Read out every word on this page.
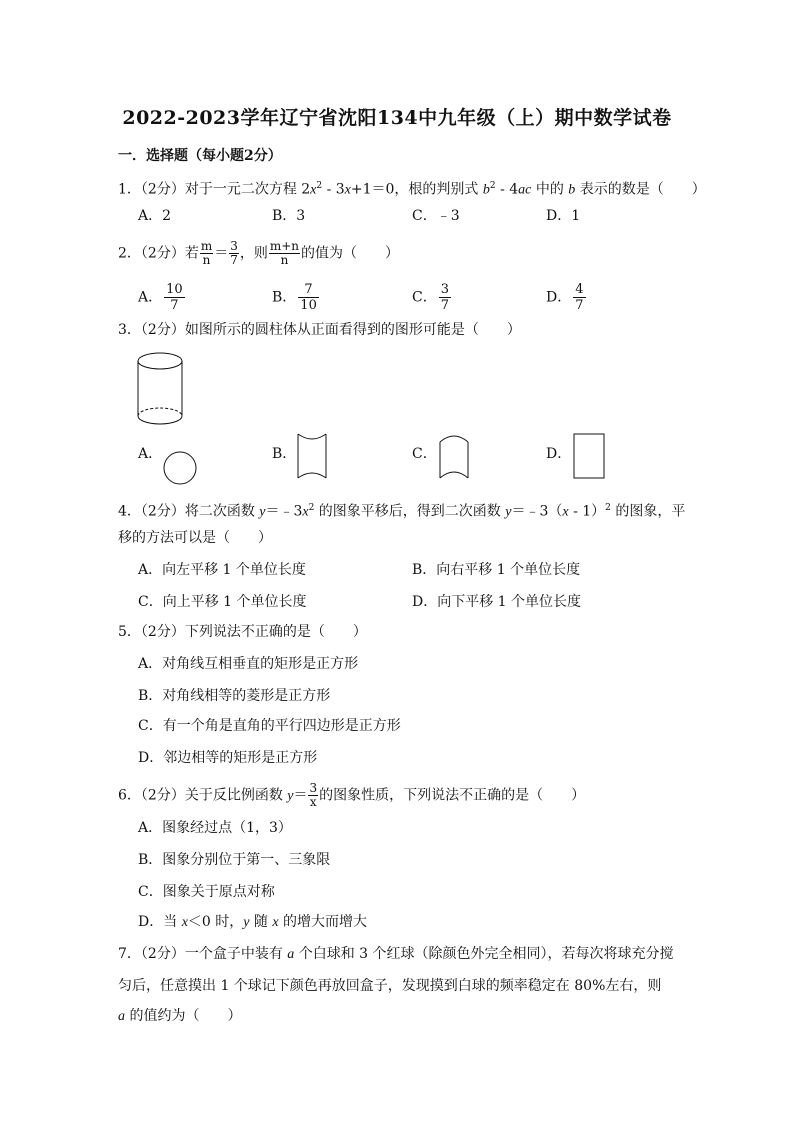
2022-2023学年辽宁省沈阳134中九年级（上）期中数学试卷
一．选择题（每小题2分）
1．（2分）对于一元二次方程 $2x^2 - 3x+1=0$，根的判别式 $b^2 - 4ac$ 中的 b 表示的数是（　　）
A．2	B．3	C．﹣3	D．1
2．（2分）若 $\frac{m}{n} = \frac{3}{7}$ ，则 $\frac{m+n}{n}$ 的值为（　　）
A． $\frac{10}{7}$	B． $\frac{7}{10}$	C． $\frac{3}{7}$	D． $\frac{4}{7}$
3．（2分）如图所示的圆柱体从正面看得到的图形可能是（　　）
A．	B．	C．	D．
4．（2分）将二次函数 $y=﹣3x^2$ 的图象平移后，得到二次函数 y＝﹣3（x - 1）$^2$ 的图象，平
移的方法可以是（　　）
A．向左平移 1 个单位长度	B．向右平移 1 个单位长度
C．向上平移 1 个单位长度	D．向下平移 1 个单位长度
5．（2分）下列说法不正确的是（　　）
A．对角线互相垂直的矩形是正方形
B．对角线相等的菱形是正方形
C．有一个角是直角的平行四边形是正方形
D．邻边相等的矩形是正方形
6．（2分）关于反比例函数 $y= \frac{3}{x}$ 的图象性质，下列说法不正确的是（　　）
A．图象经过点（1，3）
B．图象分别位于第一、三象限
C．图象关于原点对称
D．当 x＜0 时，y 随 x 的增大而增大
7．（2分）一个盒子中装有 a 个白球和 3 个红球（除颜色外完全相同），若每次将球充分搅
匀后，任意摸出 1 个球记下颜色再放回盒子，发现摸到白球的频率稳定在 80%左右，则
a 的值约为（　　）
